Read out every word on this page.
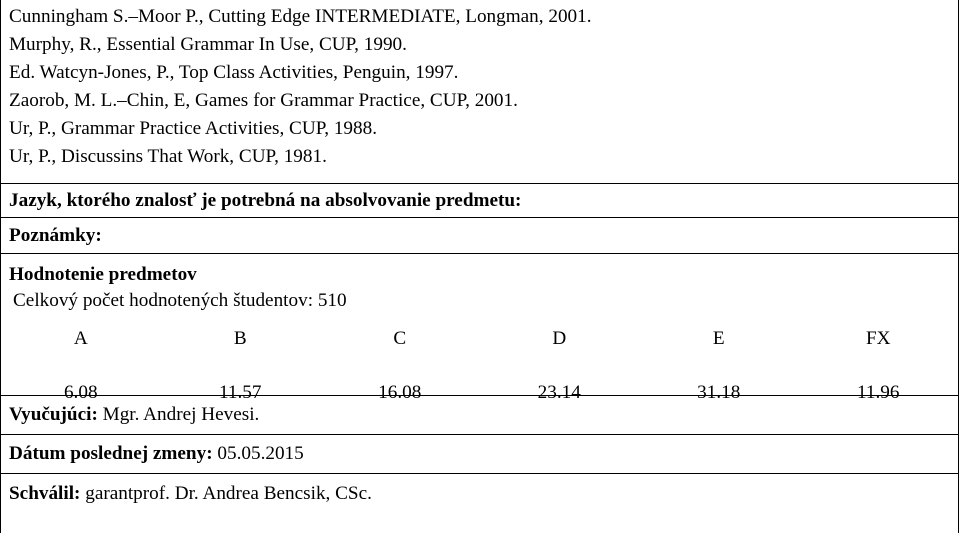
Cunningham S.–Moor P., Cutting Edge INTERMEDIATE, Longman, 2001.
Murphy, R., Essential Grammar In Use, CUP, 1990.
Ed. Watcyn-Jones, P., Top Class Activities, Penguin, 1997.
Zaorob, M. L.–Chin, E, Games for Grammar Practice, CUP, 2001.
Ur, P., Grammar Practice Activities, CUP, 1988.
Ur, P., Discussins That Work, CUP, 1981.
Jazyk, ktorého znalosť je potrebná na absolvovanie predmetu:
Poznámky:
Hodnotenie predmetov
Celkový počet hodnotených študentov: 510
A	B	C	D	E	FX
6.08	11.57	16.08	23.14	31.18	11.96
Vyučujúci: Mgr. Andrej Hevesi.
Dátum poslednej zmeny: 05.05.2015
Schválil: garantprof. Dr. Andrea Bencsik, CSc.
